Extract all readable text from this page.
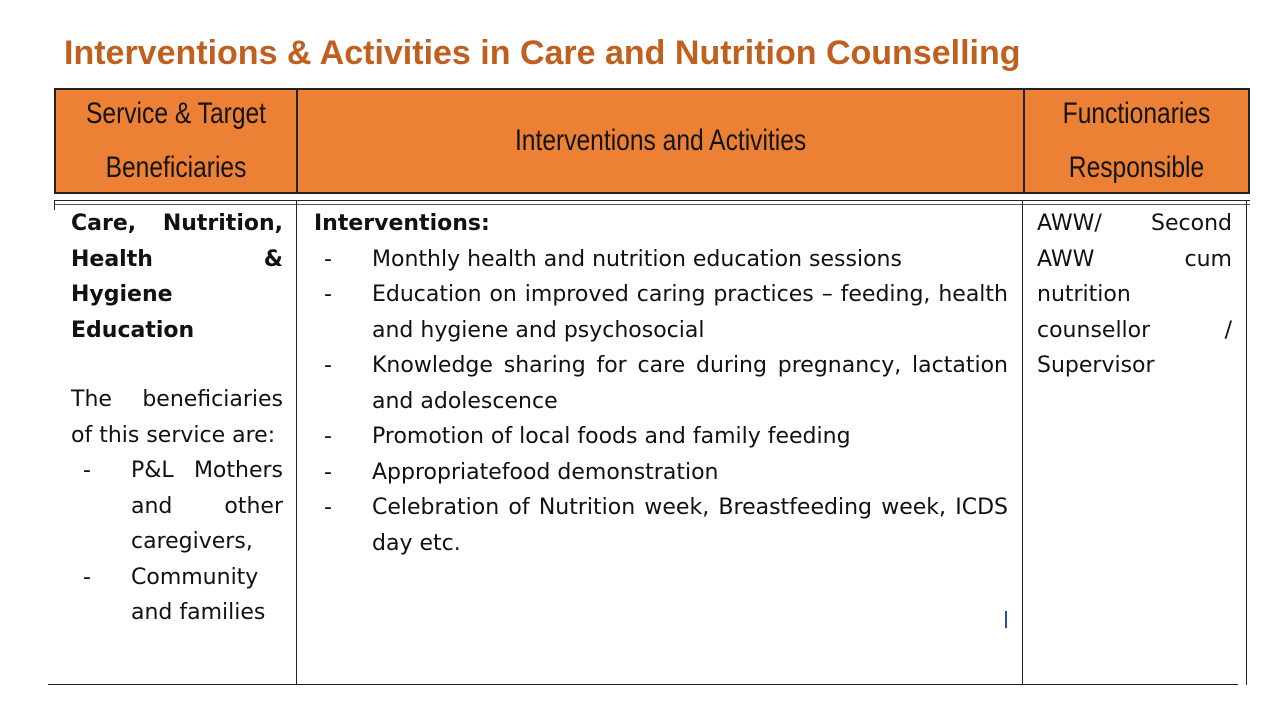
Interventions & Activities in Care and Nutrition Counselling
Service & Target Beneficiaries
Interventions and Activities
Functionaries Responsible
Care, Nutrition, Health & Hygiene Education
The beneficiaries of this service are:
- P&L Mothers and other caregivers,
- Community and families
Interventions:
- Monthly health and nutrition education sessions
- Education on improved caring practices – feeding, health and hygiene and psychosocial
- Knowledge sharing for care during pregnancy, lactation and adolescence
- Promotion of local foods and family feeding
- Appropriatefood demonstration
- Celebration of Nutrition week, Breastfeeding week, ICDS day etc.
AWW/ Second AWW cum nutrition counsellor / Supervisor
